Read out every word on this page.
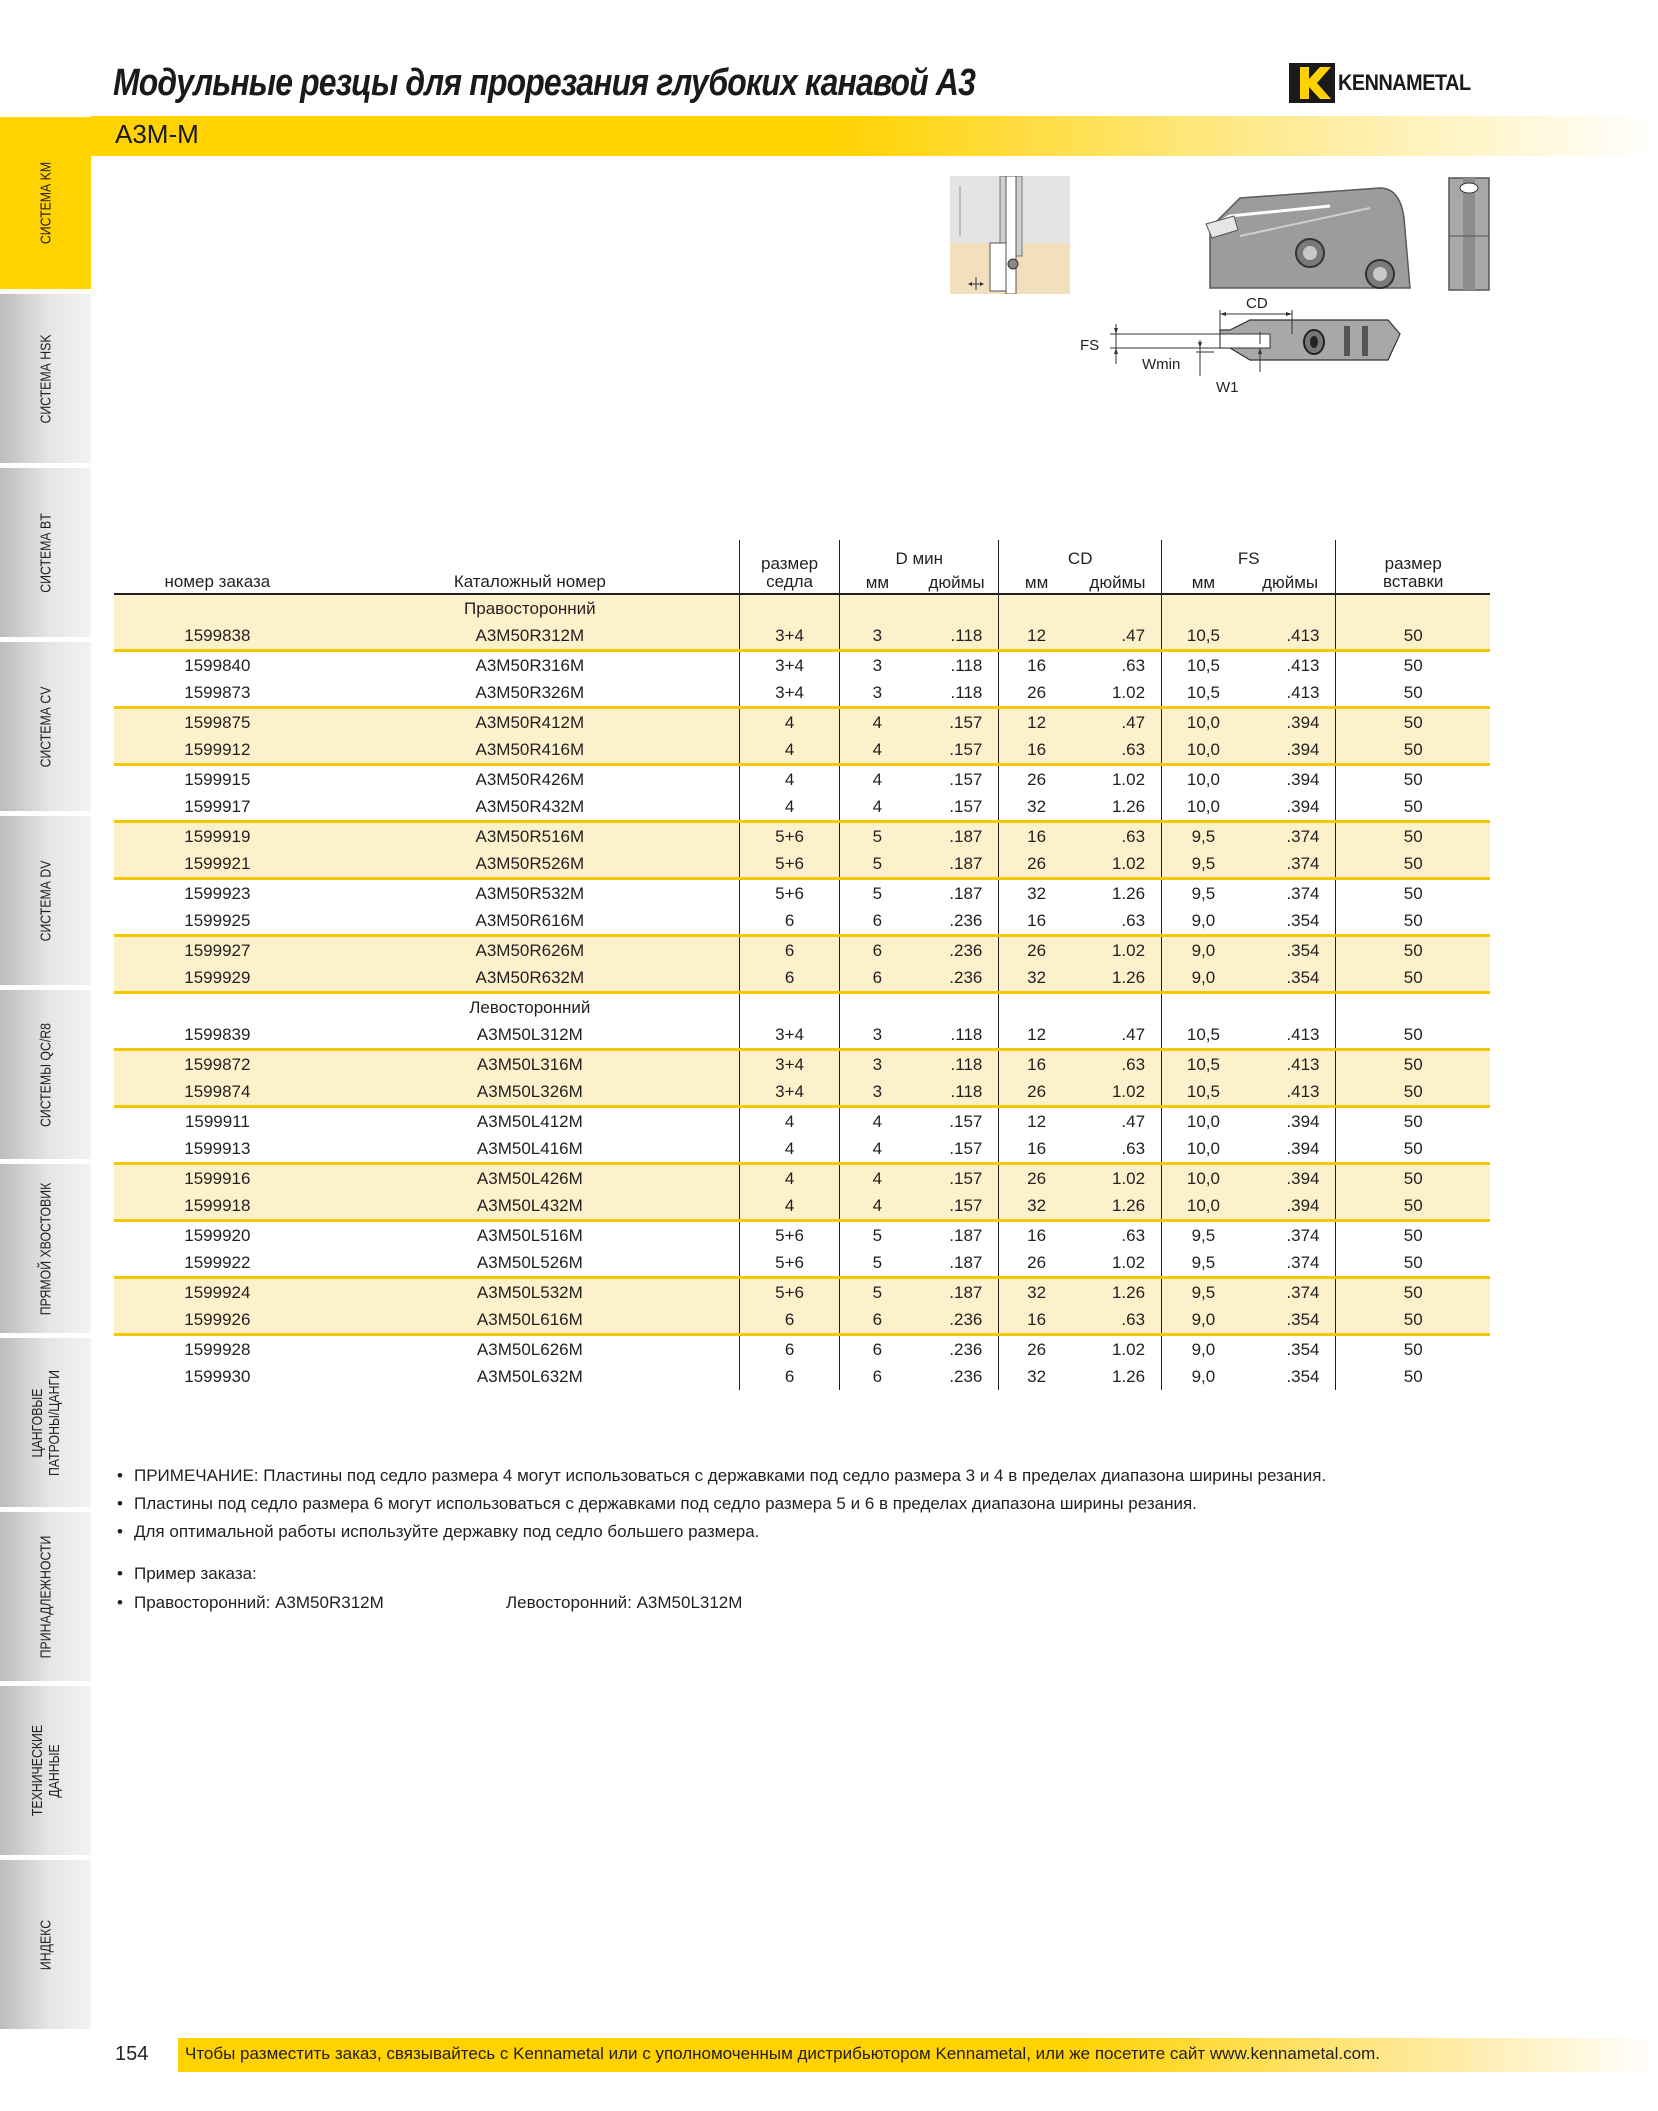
Модульные резцы для прорезания глубоких канавой A3	KENNAMETAL
A3M-M
СИСТЕМА KM
СИСТЕМА HSK
СИСТЕМА BT
СИСТЕМА CV
СИСТЕМА DV
СИСТЕМЫ QC/R8
ПРЯМОЙ ХВОСТОВИК
ЦАНГОВЫЕ ПАТРОНЫ/ЦАНГИ
ПРИНАДЛЕЖНОСТИ
ТЕХНИЧЕСКИЕ ДАННЫЕ
ИНДЕКС
CD
FS
Wmin
W1
номер заказа	Каталожный номер	размер седла	D мин		CD		FS		размер вставки
			мм	дюймы	мм	дюймы	мм	дюймы	
	Правосторонний								
1599838	A3M50R312M	3+4	3	.118	12	.47	10,5	.413	50
1599840	A3M50R316M	3+4	3	.118	16	.63	10,5	.413	50
1599873	A3M50R326M	3+4	3	.118	26	1.02	10,5	.413	50
1599875	A3M50R412M	4	4	.157	12	.47	10,0	.394	50
1599912	A3M50R416M	4	4	.157	16	.63	10,0	.394	50
1599915	A3M50R426M	4	4	.157	26	1.02	10,0	.394	50
1599917	A3M50R432M	4	4	.157	32	1.26	10,0	.394	50
1599919	A3M50R516M	5+6	5	.187	16	.63	9,5	.374	50
1599921	A3M50R526M	5+6	5	.187	26	1.02	9,5	.374	50
1599923	A3M50R532M	5+6	5	.187	32	1.26	9,5	.374	50
1599925	A3M50R616M	6	6	.236	16	.63	9,0	.354	50
1599927	A3M50R626M	6	6	.236	26	1.02	9,0	.354	50
1599929	A3M50R632M	6	6	.236	32	1.26	9,0	.354	50
	Левосторонний								
1599839	A3M50L312M	3+4	3	.118	12	.47	10,5	.413	50
1599872	A3M50L316M	3+4	3	.118	16	.63	10,5	.413	50
1599874	A3M50L326M	3+4	3	.118	26	1.02	10,5	.413	50
1599911	A3M50L412M	4	4	.157	12	.47	10,0	.394	50
1599913	A3M50L416M	4	4	.157	16	.63	10,0	.394	50
1599916	A3M50L426M	4	4	.157	26	1.02	10,0	.394	50
1599918	A3M50L432M	4	4	.157	32	1.26	10,0	.394	50
1599920	A3M50L516M	5+6	5	.187	16	.63	9,5	.374	50
1599922	A3M50L526M	5+6	5	.187	26	1.02	9,5	.374	50
1599924	A3M50L532M	5+6	5	.187	32	1.26	9,5	.374	50
1599926	A3M50L616M	6	6	.236	16	.63	9,0	.354	50
1599928	A3M50L626M	6	6	.236	26	1.02	9,0	.354	50
1599930	A3M50L632M	6	6	.236	32	1.26	9,0	.354	50
• ПРИМЕЧАНИЕ: Пластины под седло размера 4 могут использоваться с державками под седло размера 3 и 4 в пределах диапазона ширины резания.
• Пластины под седло размера 6 могут использоваться с державками под седло размера 5 и 6 в пределах диапазона ширины резания.
• Для оптимальной работы используйте державку под седло большего размера.
• Пример заказа:
• Правосторонний: A3M50R312M	Левосторонний: A3M50L312M
154 Чтобы разместить заказ, связывайтесь с Kennametal или с уполномоченным дистрибьютором Kennametal, или же посетите сайт www.kennametal.com.
